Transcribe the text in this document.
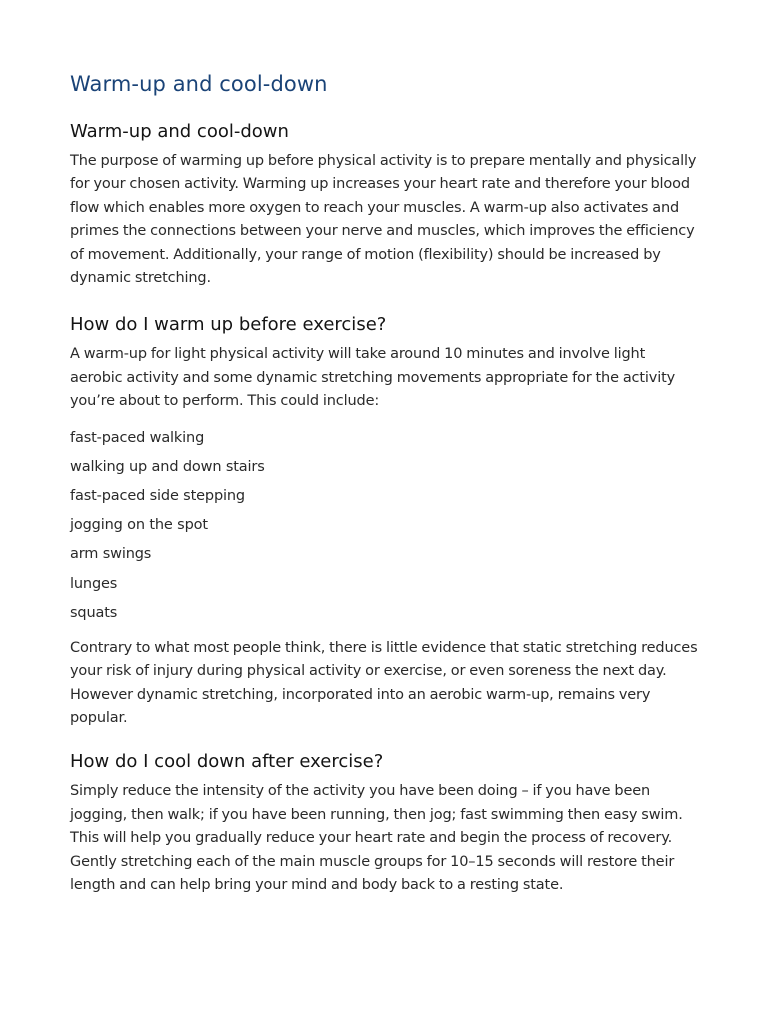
Warm-up and cool-down
Warm-up and cool-down

The purpose of warming up before physical activity is to prepare mentally and physically for your chosen activity. Warming up increases your heart rate and therefore your blood flow which enables more oxygen to reach your muscles. A warm-up also activates and primes the connections between your nerve and muscles, which improves the efficiency of movement. Additionally, your range of motion (flexibility) should be increased by dynamic stretching.

How do I warm up before exercise?

A warm-up for light physical activity will take around 10 minutes and involve light aerobic activity and some dynamic stretching movements appropriate for the activity you’re about to perform. This could include:

fast-paced walking
walking up and down stairs
fast-paced side stepping
jogging on the spot
arm swings
lunges
squats

Contrary to what most people think, there is little evidence that static stretching reduces your risk of injury during physical activity or exercise, or even soreness the next day. However dynamic stretching, incorporated into an aerobic warm-up, remains very popular.

How do I cool down after exercise?

Simply reduce the intensity of the activity you have been doing – if you have been jogging, then walk; if you have been running, then jog; fast swimming then easy swim. This will help you gradually reduce your heart rate and begin the process of recovery. Gently stretching each of the main muscle groups for 10–15 seconds will restore their length and can help bring your mind and body back to a resting state.
